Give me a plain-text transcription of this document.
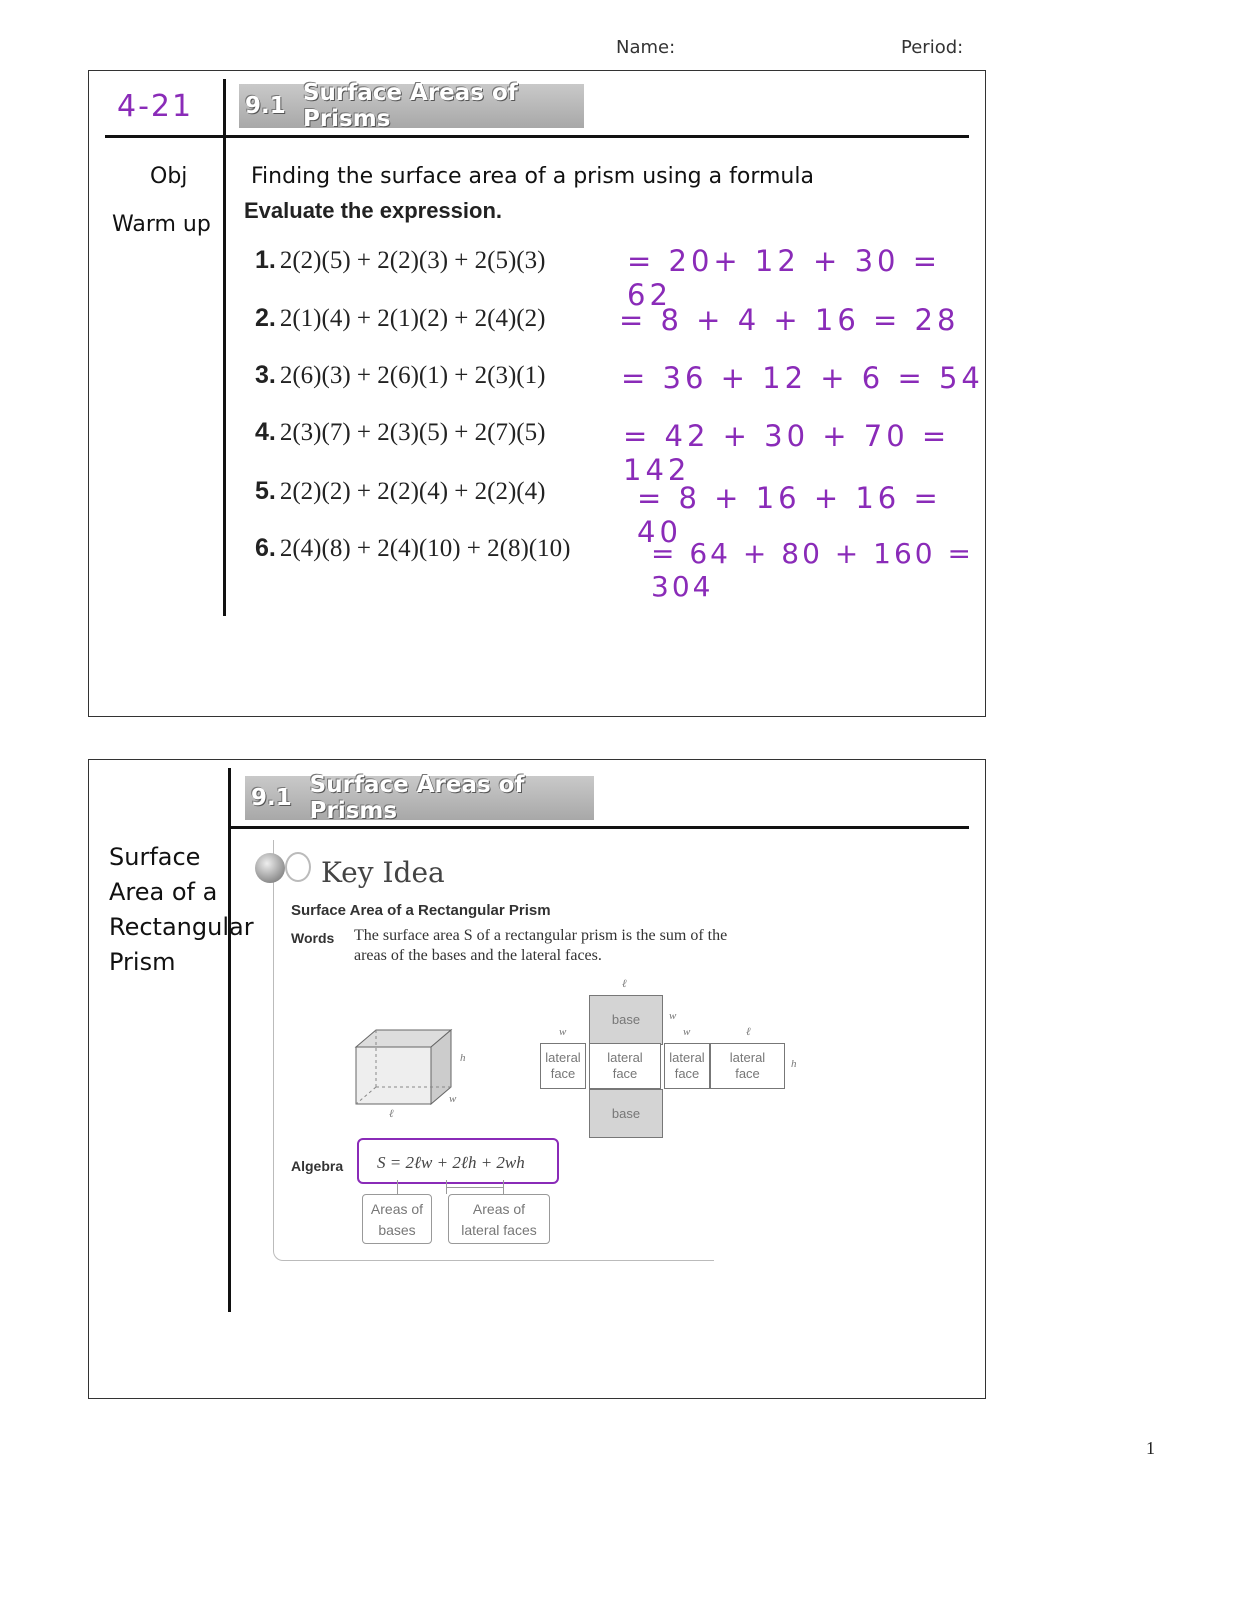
Name:	Period:
4-21 9.1 Surface Areas of Prisms
Obj
Warm up
Finding the surface area of a prism using a formula
Evaluate the expression.
1. 2(2)(5) + 2(2)(3) + 2(5)(3)	= 20+ 12 + 30 = 62
2. 2(1)(4) + 2(1)(2) + 2(4)(2)	= 8 + 4 + 16 = 28
3. 2(6)(3) + 2(6)(1) + 2(3)(1)	= 36 + 12 + 6 = 54
4. 2(3)(7) + 2(3)(5) + 2(7)(5)	= 42 + 30 + 70 = 142
5. 2(2)(2) + 2(2)(4) + 2(2)(4)	= 8 + 16 + 16 = 40
6. 2(4)(8) + 2(4)(10) + 2(8)(10)	= 64 + 80 + 160 = 304
9.1 Surface Areas of Prisms
Surface
Area of a
Rectangular
Prism
Key Idea
Surface Area of a Rectangular Prism
Words The surface area S of a rectangular prism is the sum of the
areas of the bases and the lateral faces.
h
w
ℓ
base
lateral
face
lateral
face
lateral
face
lateral
face
base
ℓ
w
w
w	ℓ
h
Algebra S = 2ℓw + 2ℓh + 2wh
Areas of
bases
Areas of
lateral faces
1
